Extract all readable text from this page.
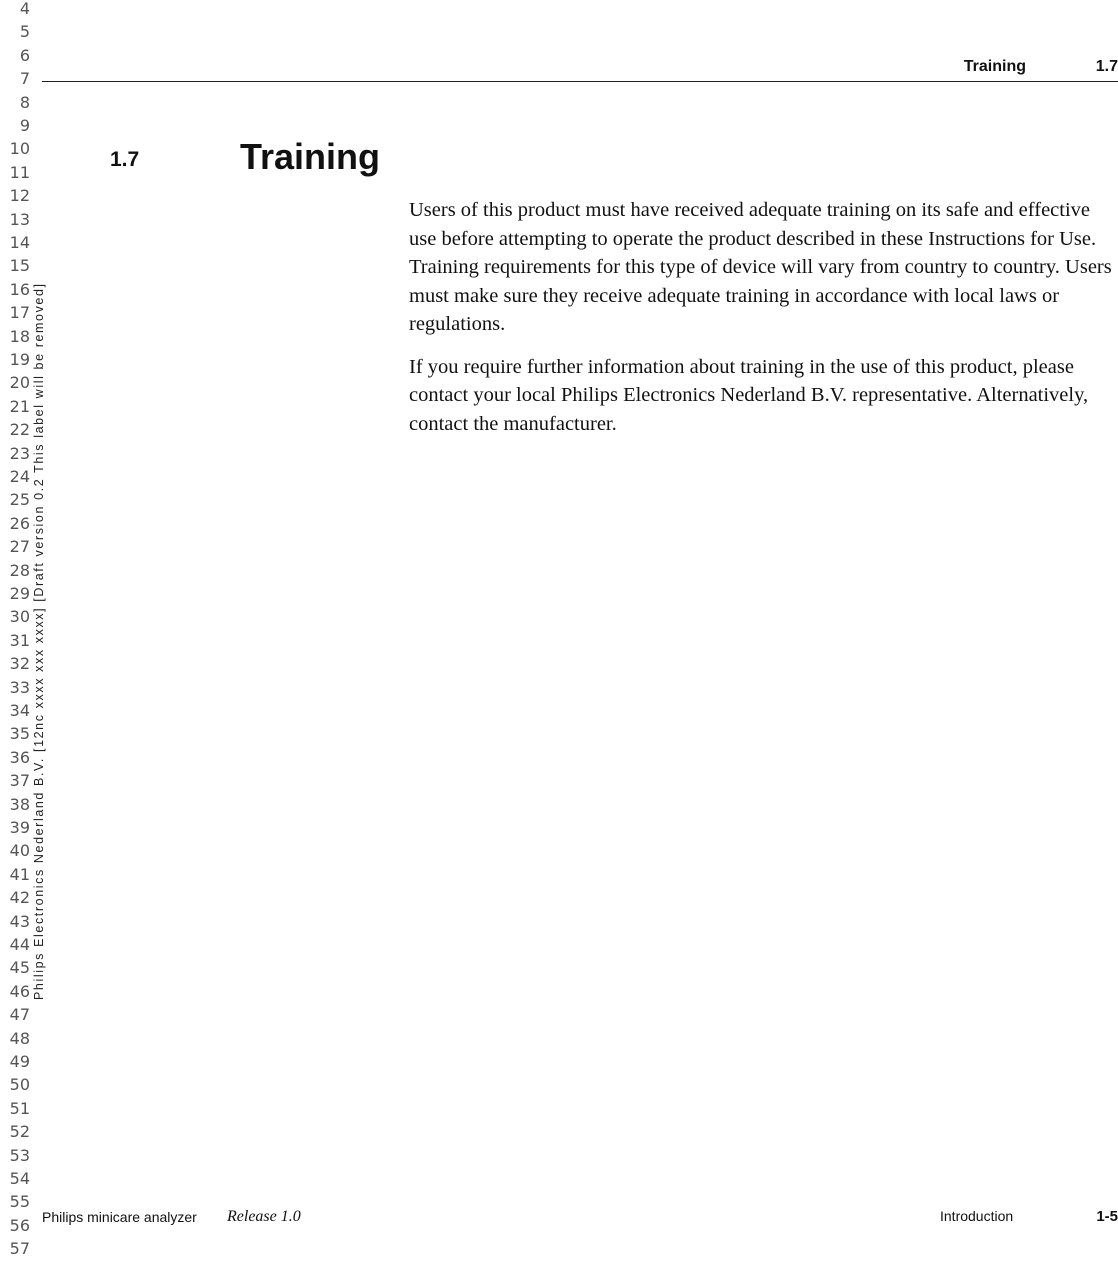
4
5
6
7
8
9
10
11
12
13
14
15
16
17
18
19
20
21
22
23
24
25
26
27
28
29
30
31
32
33
34
35
36
37
38
39
40
41
42
43
44
45
46
47
48
49
50
51
52
53
54
55
56
57
Philips Electronics Nederland B.V. [12nc xxxx xxx xxxx] [Draft version 0.2 This label will be removed]
Training	1.7
1.7	Training

Users of this product must have received adequate training on its safe and effective use before attempting to operate the product described in these Instructions for Use. Training requirements for this type of device will vary from country to country. Users must make sure they receive adequate training in accordance with local laws or regulations.

If you require further information about training in the use of this product, please contact your local Philips Electronics Nederland B.V. representative. Alternatively, contact the manufacturer.

Philips minicare analyzer Release 1.0	Introduction	1-5
